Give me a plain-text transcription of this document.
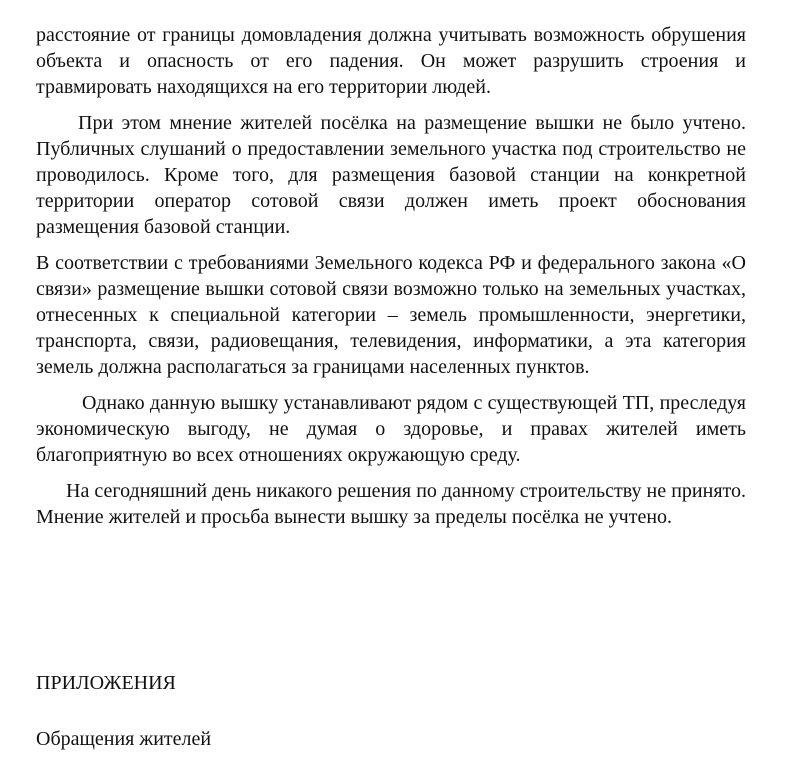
расстояние от границы домовладения должна учитывать возможность обрушения объекта и опасность от его падения. Он может разрушить строения и травмировать находящихся на его территории людей.

При этом мнение жителей посёлка на размещение вышки не было учтено. Публичных слушаний о предоставлении земельного участка под строительство не проводилось. Кроме того, для размещения базовой станции на конкретной территории оператор сотовой связи должен иметь проект обоснования размещения базовой станции.

В соответствии с требованиями Земельного кодекса РФ и федерального закона «О связи» размещение вышки сотовой связи возможно только на земельных участках, отнесенных к специальной категории – земель промышленности, энергетики, транспорта, связи, радиовещания, телевидения, информатики, а эта категория земель должна располагаться за границами населенных пунктов.

Однако данную вышку устанавливают рядом с существующей ТП, преследуя экономическую выгоду, не думая о здоровье, и правах жителей иметь благоприятную во всех отношениях окружающую среду.

На сегодняшний день никакого решения по данному строительству не принято. Мнение жителей и просьба вынести вышку за пределы посёлка не учтено.

ПРИЛОЖЕНИЯ

Обращения жителей
